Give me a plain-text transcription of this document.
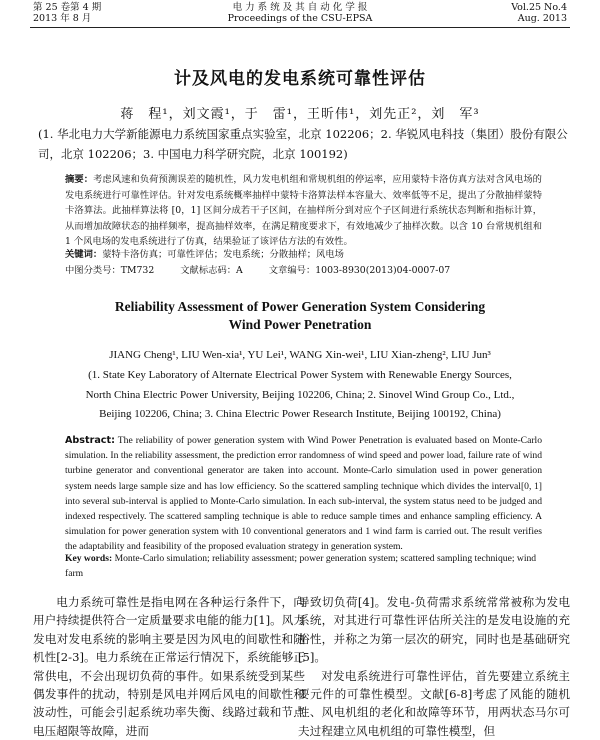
第 25 卷第 4 期
2013 年 8 月
电 力 系 统 及 其 自 动 化 学 报
Proceedings of the CSU-EPSA
Vol.25 No.4
Aug. 2013
计及风电的发电系统可靠性评估
蒋　程¹，刘文霞¹，于　雷¹，王昕伟¹，刘先正²，刘　军³
(1. 华北电力大学新能源电力系统国家重点实验室，北京 102206；2. 华锐风电科技（集团）股份有限公司，北京 102206；3. 中国电力科学研究院，北京 100192)
摘要：考虑风速和负荷预测误差的随机性，风力发电机组和常规机组的停运率，应用蒙特卡洛仿真方法对含风电场的发电系统进行可靠性评估。针对发电系统概率抽样中蒙特卡洛算法样本容量大、效率低等不足，提出了分散抽样蒙特卡洛算法。此抽样算法将 [0，1] 区间分成若干子区间，在抽样所分到对应个子区间进行系统状态判断和指标计算，从而增加故障状态的抽样频率，提高抽样效率，在满足精度要求下，有效地减少了抽样次数。以含 10 台常规机组和 1 个风电场的发电系统进行了仿真，结果验证了该评估方法的有效性。
关键词：蒙特卡洛仿真；可靠性评估；发电系统；分散抽样；风电场
中图分类号：TM732	文献标志码：A	文章编号：1003-8930(2013)04-0007-07
Reliability Assessment of Power Generation System Considering
Wind Power Penetration
JIANG Cheng¹, LIU Wen-xia¹, YU Lei¹, WANG Xin-wei¹, LIU Xian-zheng², LIU Jun³
(1. State Key Laboratory of Alternate Electrical Power System with Renewable Energy Sources,
North China Electric Power University, Beijing 102206, China; 2. Sinovel Wind Group Co., Ltd.,
Beijing 102206, China; 3. China Electric Power Research Institute, Beijing 100192, China)
Abstract: The reliability of power generation system with Wind Power Penetration is evaluated based on Monte-Carlo simulation. In the reliability assessment, the prediction error randomness of wind speed and power load, failure rate of wind turbine generator and conventional generator are taken into account. Monte-Carlo simulation used in power generation system needs large sample size and has low efficiency. So the scattered sampling technique which divides the interval[0, 1] into several sub-interval is applied to Monte-Carlo simulation. In each sub-interval, the system status need to be judged and indexed respectively. The scattered sampling technique is able to reduce sample times and enhance sampling efficiency. A simulation for power generation system with 10 conventional generators and 1 wind farm is carried out. The result verifies the adaptability and feasibility of the proposed evaluation strategy in generation system.
Key words: Monte-Carlo simulation; reliability assessment; power generation system; scattered sampling technique; wind farm
电力系统可靠性是指电网在各种运行条件下，向用户持续提供符合一定质量要求电能的能力[1]。风力发电对发电系统的影响主要是因为风电的间歇性和随机性[2-3]。电力系统在正常运行情况下，系统能够正常供电，不会出现切负荷的事件。如果系统受到某些偶发事件的扰动，特别是风电并网后风电的间歇性和波动性，可能会引起系统功率失衡、线路过载和节点电压超限等故障，进而
导致切负荷[4]。发电-负荷需求系统常常被称为发电系统，对其进行可靠性评估所关注的是发电设施的充裕性，并称之为第一层次的研究，同时也是基础研究[5]。
对发电系统进行可靠性评估，首先要建立系统主要元件的可靠性模型。文献[6-8]考虑了风能的随机性、风电机组的老化和故障等环节，用两状态马尔可夫过程建立风电机组的可靠性模型，但
